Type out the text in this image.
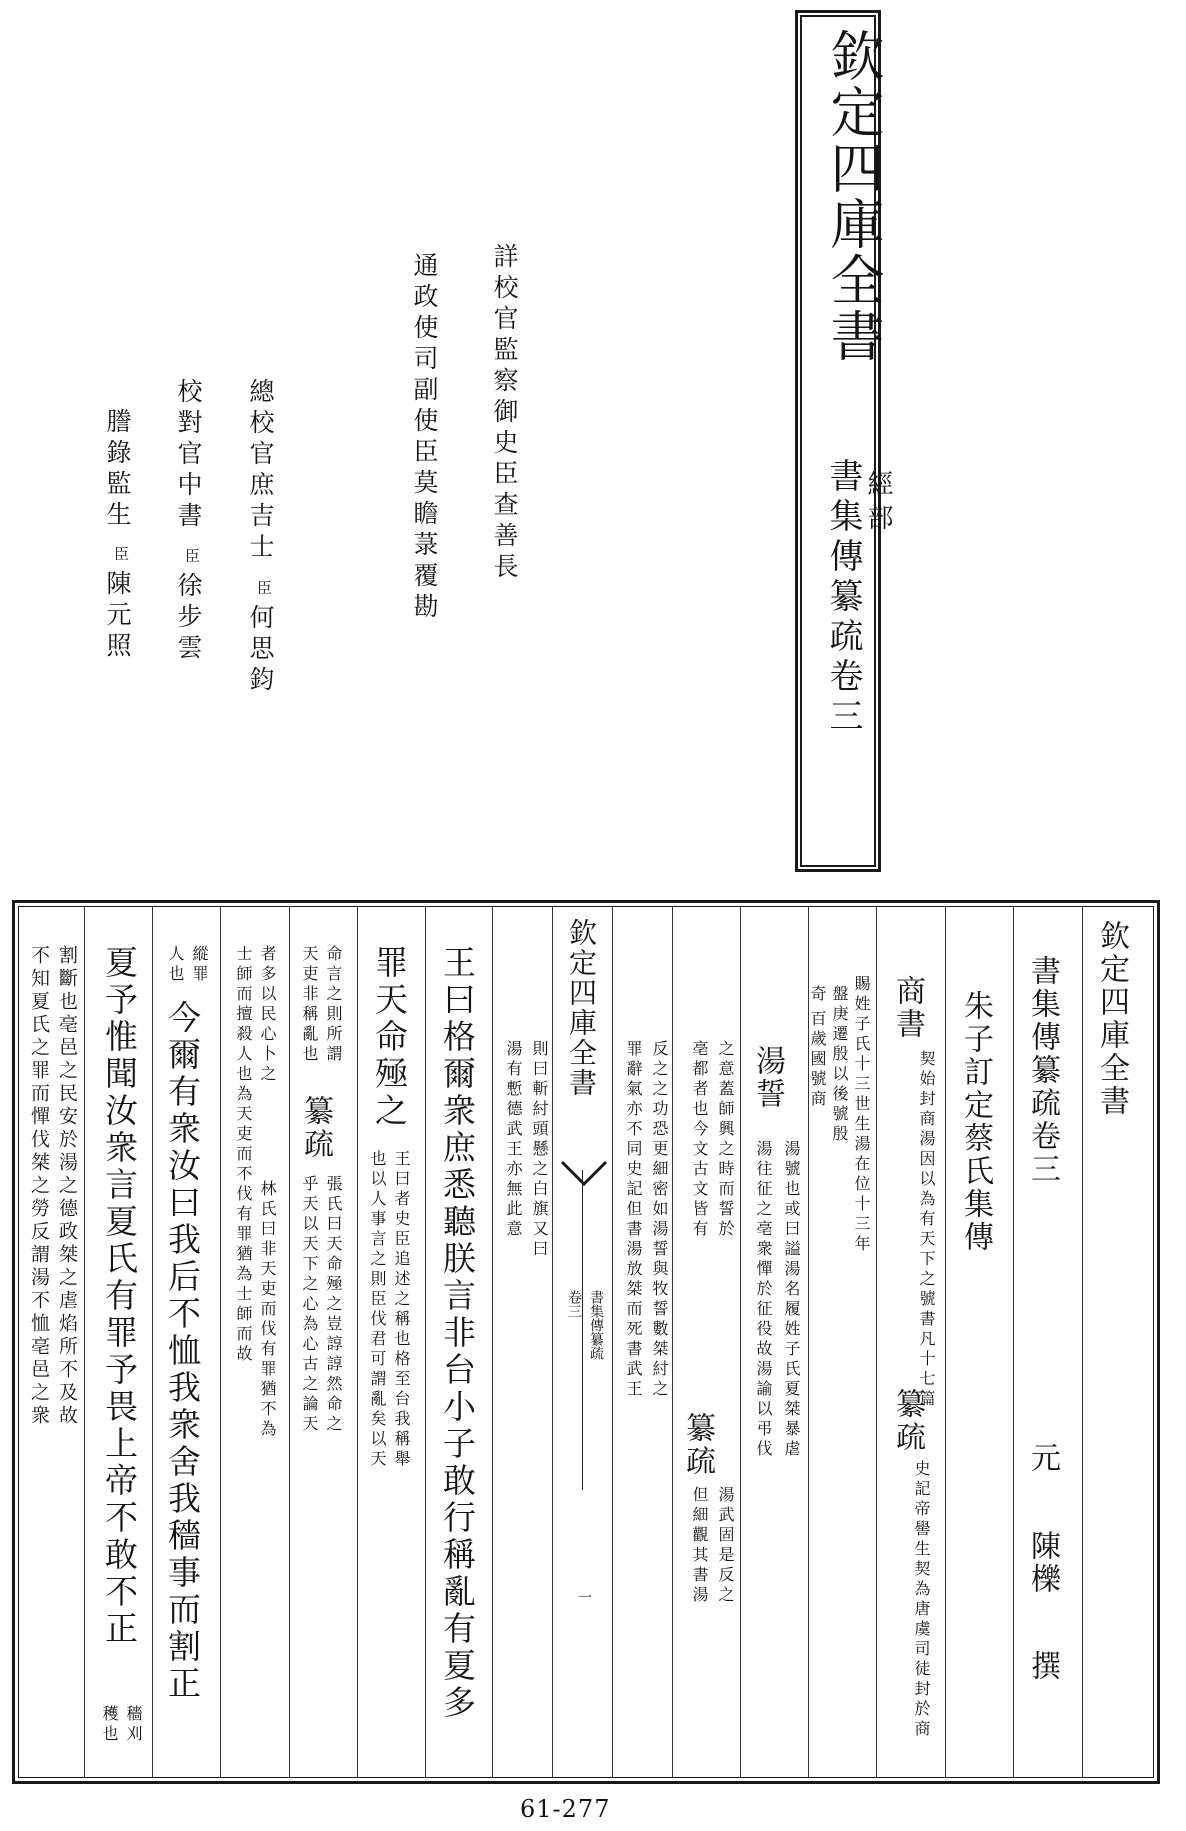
欽定四庫全書
書集傳纂疏卷三 經部
詳校官監察御史臣查善長
通政使司副使臣莫瞻菉覆勘
總校官庶吉士
臣
何思鈞
校對官中書
臣
徐步雲
謄錄監生
臣
陳元照
欽定四庫全書
書集傳纂疏卷三
元
陳櫟
撰
朱子訂定蔡氏集傳
商書
契始封商湯因以為有天下之號書凡十七篇
纂疏
史記帝嚳生契為唐虞司徒封於商
賜姓子氏十三世生湯在位十三年
盤庚遷殷以後號殷
奇
百歲國號商
湯誓
湯號也或曰謚湯名履姓子氏夏桀暴虐
湯往征之亳衆憚於征役故湯諭以弔伐
之意蓋師興之時而誓於
亳都者也今文古文皆有
纂疏
湯武固是反之
但細觀其書湯
反之之功恐更細密如湯誓與牧誓數桀紂之
罪辭氣亦不同史記但書湯放桀而死書武王
欽定四庫全書
書集傳纂疏
卷三
一
則曰斬紂頭懸之白旗又曰
湯有慙德武王亦無此意
王曰格爾衆庶悉聽朕言非台小子敢行稱亂有夏多
罪天命殛之
王曰者史臣追述之稱也格至台我稱舉
也以人事言之則臣伐君可謂亂矣以天
命言之則所謂
天吏非稱亂也
纂疏
張氏曰天命殛之豈諄諄然命之
乎天以天下之心為心古之論天
者多以民心卜之
林氏曰非天吏而伐有罪猶不為
士師而擅殺人也為天吏而不伐有罪猶為士師而故
縱罪
人也
今爾有衆汝曰我后不恤我衆舍我穡事而割正
夏予惟聞汝衆言夏氏有罪予畏上帝不敢不正
穡刈
穫也
割斷也亳邑之民安於湯之德政桀之虐焰所不及故
不知夏氏之罪而憚伐桀之勞反謂湯不恤亳邑之衆
61-277
